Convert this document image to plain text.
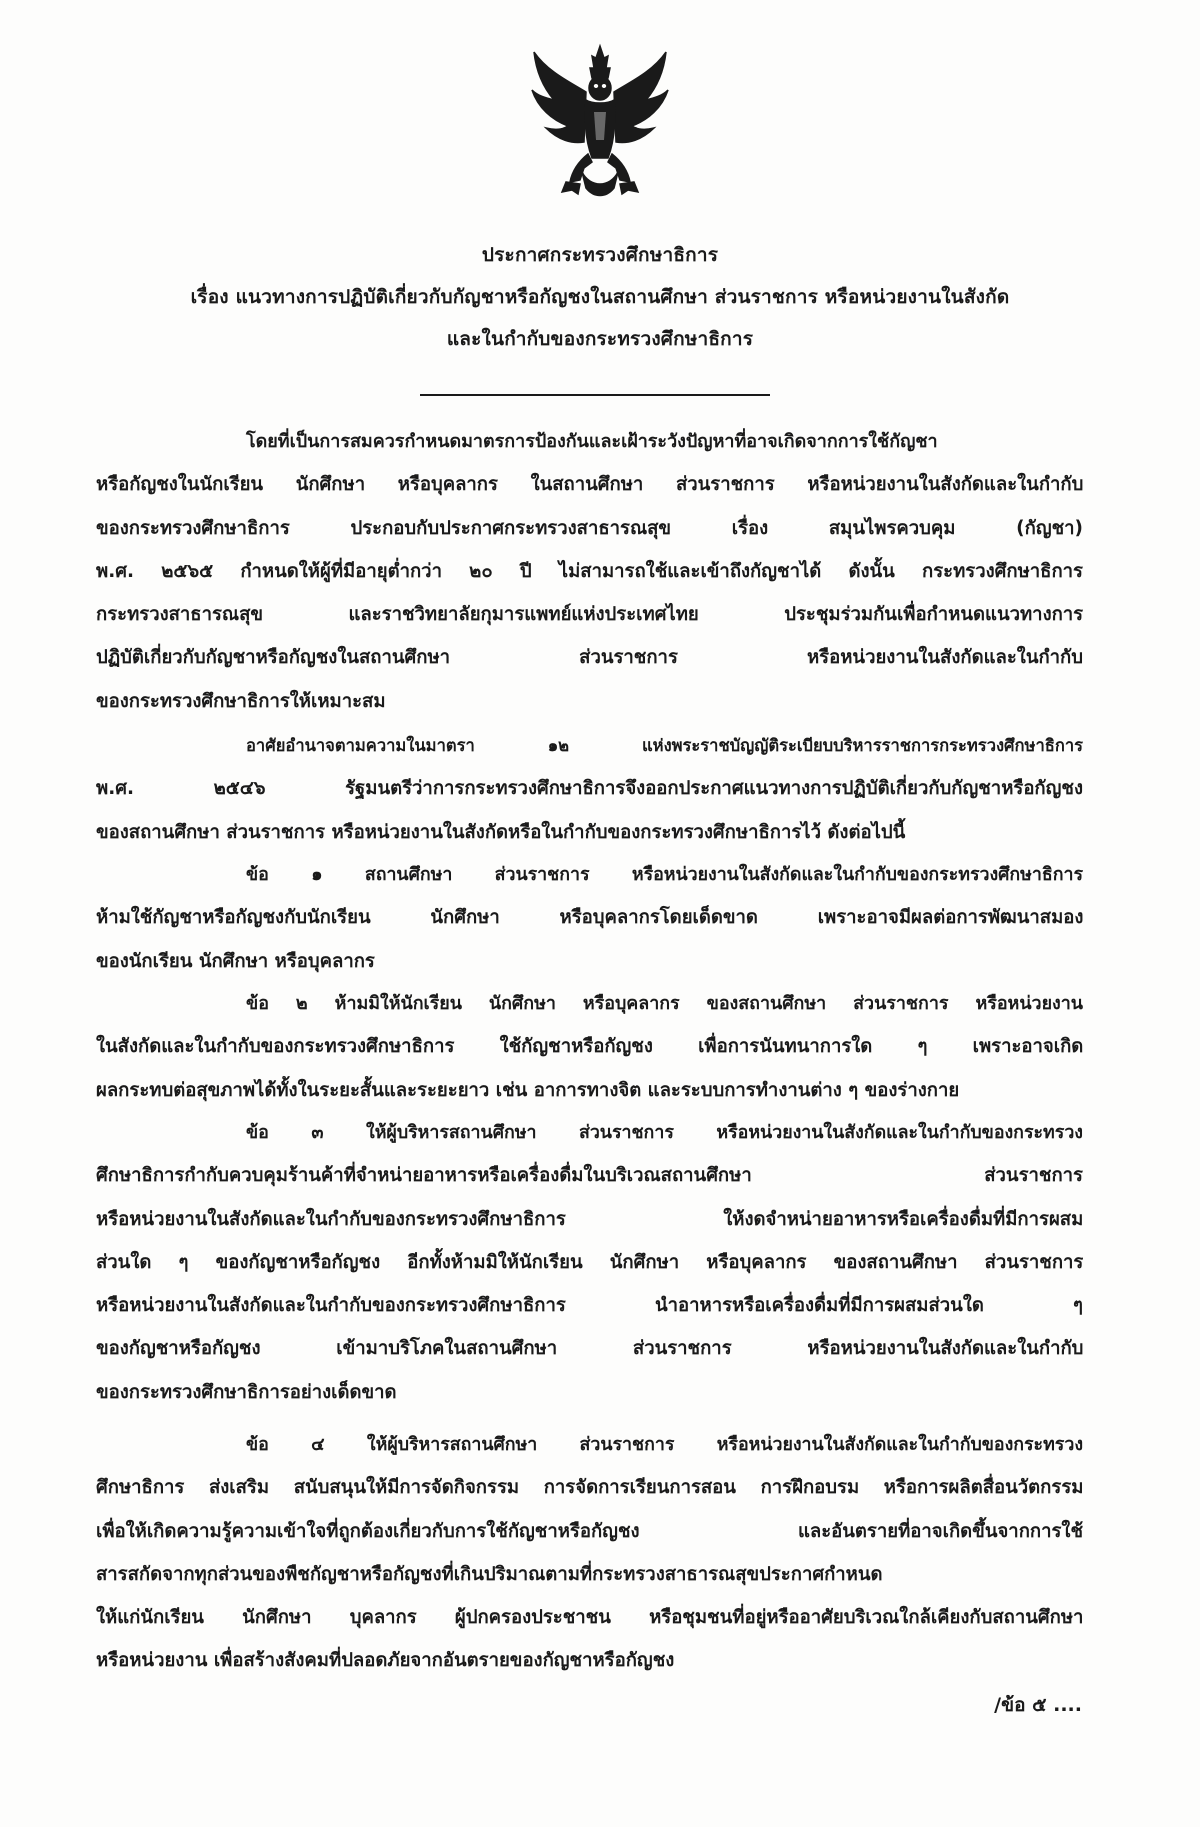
ประกาศกระทรวงศึกษาธิการ
เรื่อง แนวทางการปฏิบัติเกี่ยวกับกัญชาหรือกัญชงในสถานศึกษา ส่วนราชการ หรือหน่วยงานในสังกัด
และในกำกับของกระทรวงศึกษาธิการ
โดยที่เป็นการสมควรกำหนดมาตรการป้องกันและเฝ้าระวังปัญหาที่อาจเกิดจากการใช้กัญชา
หรือกัญชงในนักเรียน นักศึกษา หรือบุคลากร ในสถานศึกษา ส่วนราชการ หรือหน่วยงานในสังกัดและในกำกับ
ของกระทรวงศึกษาธิการ ประกอบกับประกาศกระทรวงสาธารณสุข เรื่อง สมุนไพรควบคุม (กัญชา)
พ.ศ. ๒๕๖๕ กำหนดให้ผู้ที่มีอายุต่ำกว่า ๒๐ ปี ไม่สามารถใช้และเข้าถึงกัญชาได้ ดังนั้น กระทรวงศึกษาธิการ
กระทรวงสาธารณสุข และราชวิทยาลัยกุมารแพทย์แห่งประเทศไทย ประชุมร่วมกันเพื่อกำหนดแนวทางการ
ปฏิบัติเกี่ยวกับกัญชาหรือกัญชงในสถานศึกษา ส่วนราชการ หรือหน่วยงานในสังกัดและในกำกับ
ของกระทรวงศึกษาธิการให้เหมาะสม
อาศัยอำนาจตามความในมาตรา ๑๒ แห่งพระราชบัญญัติระเบียบบริหารราชการกระทรวงศึกษาธิการ
พ.ศ. ๒๕๔๖ รัฐมนตรีว่าการกระทรวงศึกษาธิการจึงออกประกาศแนวทางการปฏิบัติเกี่ยวกับกัญชาหรือกัญชง
ของสถานศึกษา ส่วนราชการ หรือหน่วยงานในสังกัดหรือในกำกับของกระทรวงศึกษาธิการไว้ ดังต่อไปนี้
ข้อ ๑ สถานศึกษา ส่วนราชการ หรือหน่วยงานในสังกัดและในกำกับของกระทรวงศึกษาธิการ
ห้ามใช้กัญชาหรือกัญชงกับนักเรียน นักศึกษา หรือบุคลากรโดยเด็ดขาด เพราะอาจมีผลต่อการพัฒนาสมอง
ของนักเรียน นักศึกษา หรือบุคลากร
ข้อ ๒ ห้ามมิให้นักเรียน นักศึกษา หรือบุคลากร ของสถานศึกษา ส่วนราชการ หรือหน่วยงาน
ในสังกัดและในกำกับของกระทรวงศึกษาธิการ ใช้กัญชาหรือกัญชง เพื่อการนันทนาการใด ๆ เพราะอาจเกิด
ผลกระทบต่อสุขภาพได้ทั้งในระยะสั้นและระยะยาว เช่น อาการทางจิต และระบบการทำงานต่าง ๆ ของร่างกาย
ข้อ ๓ ให้ผู้บริหารสถานศึกษา ส่วนราชการ หรือหน่วยงานในสังกัดและในกำกับของกระทรวง
ศึกษาธิการกำกับควบคุมร้านค้าที่จำหน่ายอาหารหรือเครื่องดื่มในบริเวณสถานศึกษา ส่วนราชการ
หรือหน่วยงานในสังกัดและในกำกับของกระทรวงศึกษาธิการ ให้งดจำหน่ายอาหารหรือเครื่องดื่มที่มีการผสม
ส่วนใด ๆ ของกัญชาหรือกัญชง อีกทั้งห้ามมิให้นักเรียน นักศึกษา หรือบุคลากร ของสถานศึกษา ส่วนราชการ
หรือหน่วยงานในสังกัดและในกำกับของกระทรวงศึกษาธิการ นำอาหารหรือเครื่องดื่มที่มีการผสมส่วนใด ๆ
ของกัญชาหรือกัญชง เข้ามาบริโภคในสถานศึกษา ส่วนราชการ หรือหน่วยงานในสังกัดและในกำกับ
ของกระทรวงศึกษาธิการอย่างเด็ดขาด
ข้อ ๔ ให้ผู้บริหารสถานศึกษา ส่วนราชการ หรือหน่วยงานในสังกัดและในกำกับของกระทรวง
ศึกษาธิการ ส่งเสริม สนับสนุนให้มีการจัดกิจกรรม การจัดการเรียนการสอน การฝึกอบรม หรือการผลิตสื่อนวัตกรรม
เพื่อให้เกิดความรู้ความเข้าใจที่ถูกต้องเกี่ยวกับการใช้กัญชาหรือกัญชง และอันตรายที่อาจเกิดขึ้นจากการใช้
สารสกัดจากทุกส่วนของพืชกัญชาหรือกัญชงที่เกินปริมาณตามที่กระทรวงสาธารณสุขประกาศกำหนด
ให้แก่นักเรียน นักศึกษา บุคลากร ผู้ปกครองประชาชน หรือชุมชนที่อยู่หรืออาศัยบริเวณใกล้เคียงกับสถานศึกษา
หรือหน่วยงาน เพื่อสร้างสังคมที่ปลอดภัยจากอันตรายของกัญชาหรือกัญชง
/ข้อ ๕ ....
